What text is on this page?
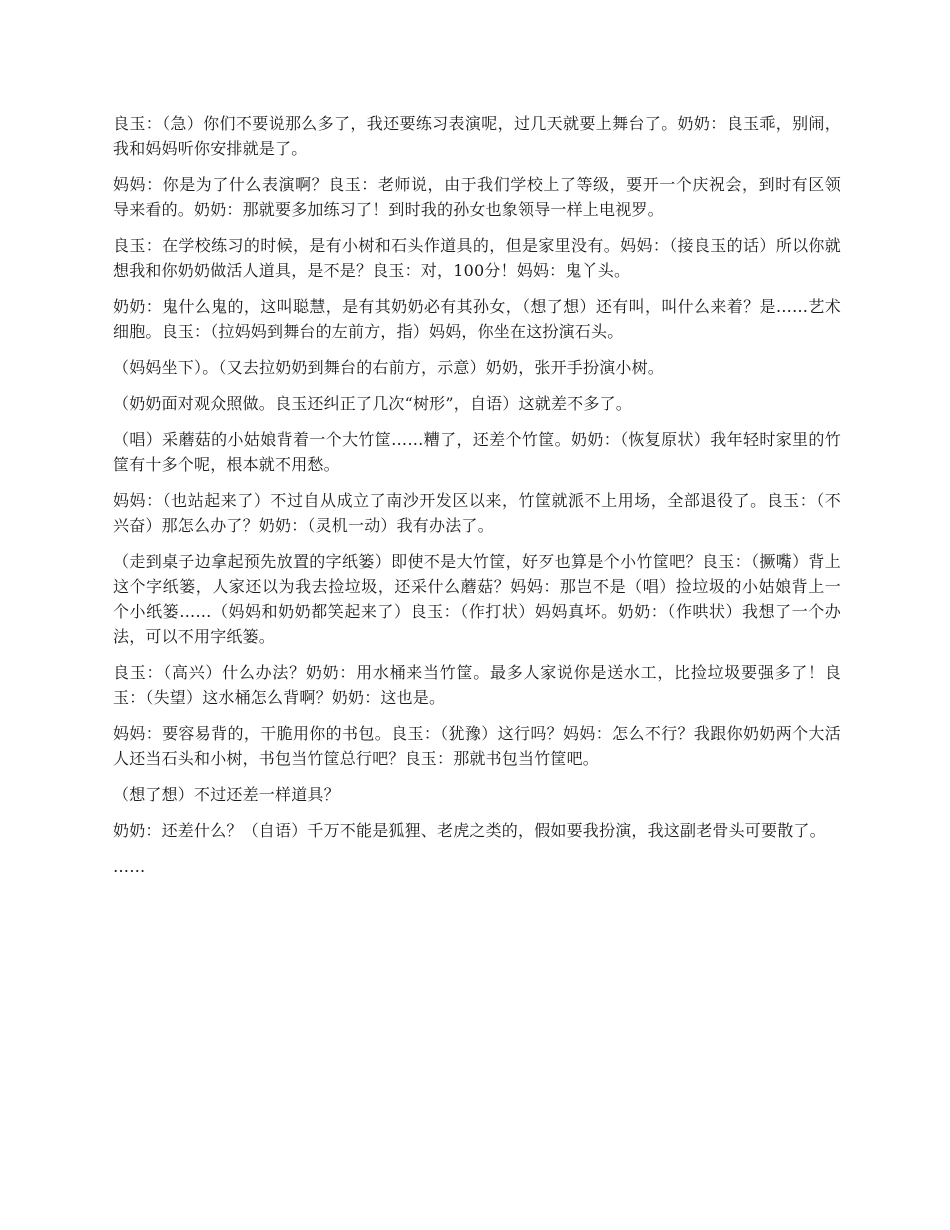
良玉：（急）你们不要说那么多了，我还要练习表演呢，过几天就要上舞台了。奶奶：良玉乖，别闹，我和妈妈听你安排就是了。

妈妈：你是为了什么表演啊？良玉：老师说，由于我们学校上了等级，要开一个庆祝会，到时有区领导来看的。奶奶：那就要多加练习了！到时我的孙女也象领导一样上电视罗。

良玉：在学校练习的时候，是有小树和石头作道具的，但是家里没有。妈妈：（接良玉的话）所以你就想我和你奶奶做活人道具，是不是？良玉：对，100分！妈妈：鬼丫头。

奶奶：鬼什么鬼的，这叫聪慧，是有其奶奶必有其孙女，（想了想）还有叫，叫什么来着？是……艺术细胞。良玉：（拉妈妈到舞台的左前方，指）妈妈，你坐在这扮演石头。

（妈妈坐下）。（又去拉奶奶到舞台的右前方，示意）奶奶，张开手扮演小树。

（奶奶面对观众照做。良玉还纠正了几次“树形”，自语）这就差不多了。

（唱）采蘑菇的小姑娘背着一个大竹筐……糟了，还差个竹筐。奶奶：（恢复原状）我年轻时家里的竹筐有十多个呢，根本就不用愁。

妈妈：（也站起来了）不过自从成立了南沙开发区以来，竹筐就派不上用场，全部退役了。良玉：（不兴奋）那怎么办了？奶奶：（灵机一动）我有办法了。

（走到桌子边拿起预先放置的字纸篓）即使不是大竹筐，好歹也算是个小竹筐吧？良玉：（撅嘴）背上这个字纸篓，人家还以为我去捡垃圾，还采什么蘑菇？妈妈：那岂不是（唱）捡垃圾的小姑娘背上一个小纸篓……（妈妈和奶奶都笑起来了）良玉：（作打状）妈妈真坏。奶奶：（作哄状）我想了一个办法，可以不用字纸篓。

良玉：（高兴）什么办法？奶奶：用水桶来当竹筐。最多人家说你是送水工，比捡垃圾要强多了！良玉：（失望）这水桶怎么背啊？奶奶：这也是。

妈妈：要容易背的，干脆用你的书包。良玉：（犹豫）这行吗？妈妈：怎么不行？我跟你奶奶两个大活人还当石头和小树，书包当竹筐总行吧？良玉：那就书包当竹筐吧。

（想了想）不过还差一样道具？

奶奶：还差什么？（自语）千万不能是狐狸、老虎之类的，假如要我扮演，我这副老骨头可要散了。

……
